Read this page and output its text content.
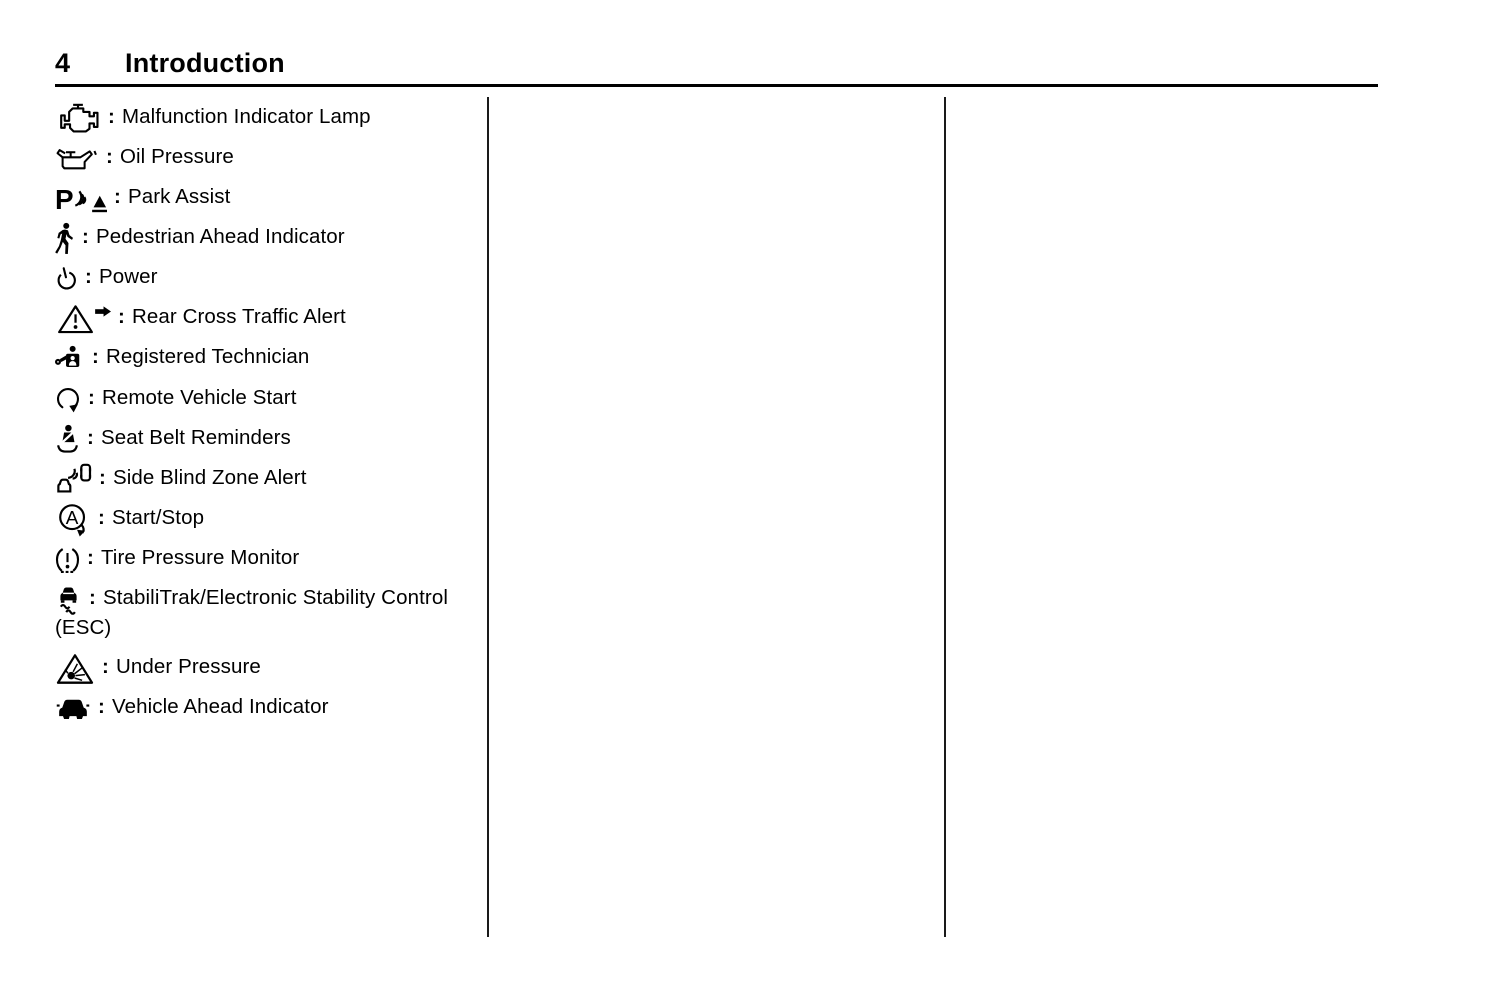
4 Introduction
: Malfunction Indicator Lamp
: Oil Pressure
: Park Assist
: Pedestrian Ahead Indicator
: Power
: Rear Cross Traffic Alert
: Registered Technician
: Remote Vehicle Start
: Seat Belt Reminders
: Side Blind Zone Alert
: Start/Stop
: Tire Pressure Monitor
: StabiliTrak/Electronic Stability Control (ESC)
: Under Pressure
: Vehicle Ahead Indicator
